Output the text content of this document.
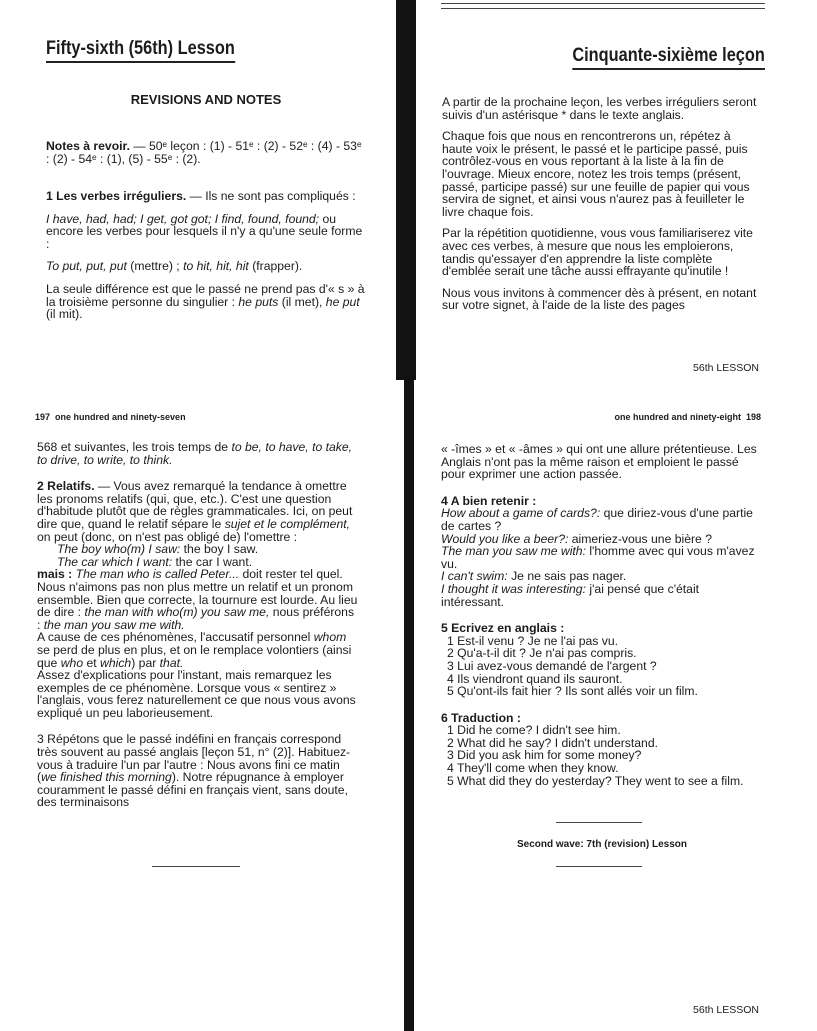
Fifty-sixth (56th) Lesson
REVISIONS AND NOTES

Notes à revoir. — 50ᵉ leçon : (1) - 51ᵉ : (2) - 52ᵉ : (4) - 53ᵉ : (2) - 54ᵉ : (1), (5) - 55ᵉ : (2).

1 Les verbes irréguliers. — Ils ne sont pas compliqués :

I have, had, had; I get, got got; I find, found, found; ou encore les verbes pour lesquels il n'y a qu'une seule forme :

To put, put, put (mettre) ; to hit, hit, hit (frapper).

La seule différence est que le passé ne prend pas d'« s » à la troisième personne du singulier : he puts (il met), he put (il mit).

Cinquante-sixième leçon

A partir de la prochaine leçon, les verbes irréguliers seront suivis d'un astérisque * dans le texte anglais.

Chaque fois que nous en rencontrerons un, répétez à haute voix le présent, le passé et le participe passé, puis contrôlez-vous en vous reportant à la liste à la fin de l'ouvrage. Mieux encore, notez les trois temps (présent, passé, participe passé) sur une feuille de papier qui vous servira de signet, et ainsi vous n'aurez pas à feuilleter le livre chaque fois.

Par la répétition quotidienne, vous vous familiariserez vite avec ces verbes, à mesure que nous les emploierons, tandis qu'essayer d'en apprendre la liste complète d'emblée serait une tâche aussi effrayante qu'inutile !

Nous vous invitons à commencer dès à présent, en notant sur votre signet, à l'aide de la liste des pages

56th LESSON
197 one hundred and ninety-seven

568 et suivantes, les trois temps de to be, to have, to take, to drive, to write, to think.

2 Relatifs. — Vous avez remarqué la tendance à omettre les pronoms relatifs (qui, que, etc.). C'est une question d'habitude plutôt que de règles grammaticales. Ici, on peut dire que, quand le relatif sépare le sujet et le complément, on peut (donc, on n'est pas obligé de) l'omettre :

The boy who(m) I saw: the boy I saw.

The car which I want: the car I want.

mais : The man who is called Peter... doit rester tel quel.

Nous n'aimons pas non plus mettre un relatif et un pronom ensemble. Bien que correcte, la tournure est lourde. Au lieu de dire : the man with who(m) you saw me, nous préférons : the man you saw me with.

A cause de ces phénomènes, l'accusatif personnel whom se perd de plus en plus, et on le remplace volontiers (ainsi que who et which) par that.

Assez d'explications pour l'instant, mais remarquez les exemples de ce phénomène. Lorsque vous « sentirez » l'anglais, vous ferez naturellement ce que nous vous avons expliqué un peu laborieusement.

3 Répétons que le passé indéfini en français correspond très souvent au passé anglais [leçon 51, n° (2)]. Habituez-vous à traduire l'un par l'autre : Nous avons fini ce matin (we finished this morning). Notre répugnance à employer couramment le passé défini en français vient, sans doute, des terminaisons

one hundred and ninety-eight 198

« -îmes » et « -âmes » qui ont une allure prétentieuse. Les Anglais n'ont pas la même raison et emploient le passé pour exprimer une action passée.

4 A bien retenir :

How about a game of cards?: que diriez-vous d'une partie de cartes ?

Would you like a beer?: aimeriez-vous une bière ?

The man you saw me with: l'homme avec qui vous m'avez vu.

I can't swim: Je ne sais pas nager.

I thought it was interesting: j'ai pensé que c'était intéressant.

5 Ecrivez en anglais :

1 Est-il venu ? Je ne l'ai pas vu.
2 Qu'a-t-il dit ? Je n'ai pas compris.
3 Lui avez-vous demandé de l'argent ?
4 Ils viendront quand ils sauront.
5 Qu'ont-ils fait hier ? Ils sont allés voir un film.

6 Traduction :

1 Did he come? I didn't see him.
2 What did he say? I didn't understand.
3 Did you ask him for some money?
4 They'll come when they know.
5 What did they do yesterday? They went to see a film.
Second wave: 7th (revision) Lesson
56th LESSON
